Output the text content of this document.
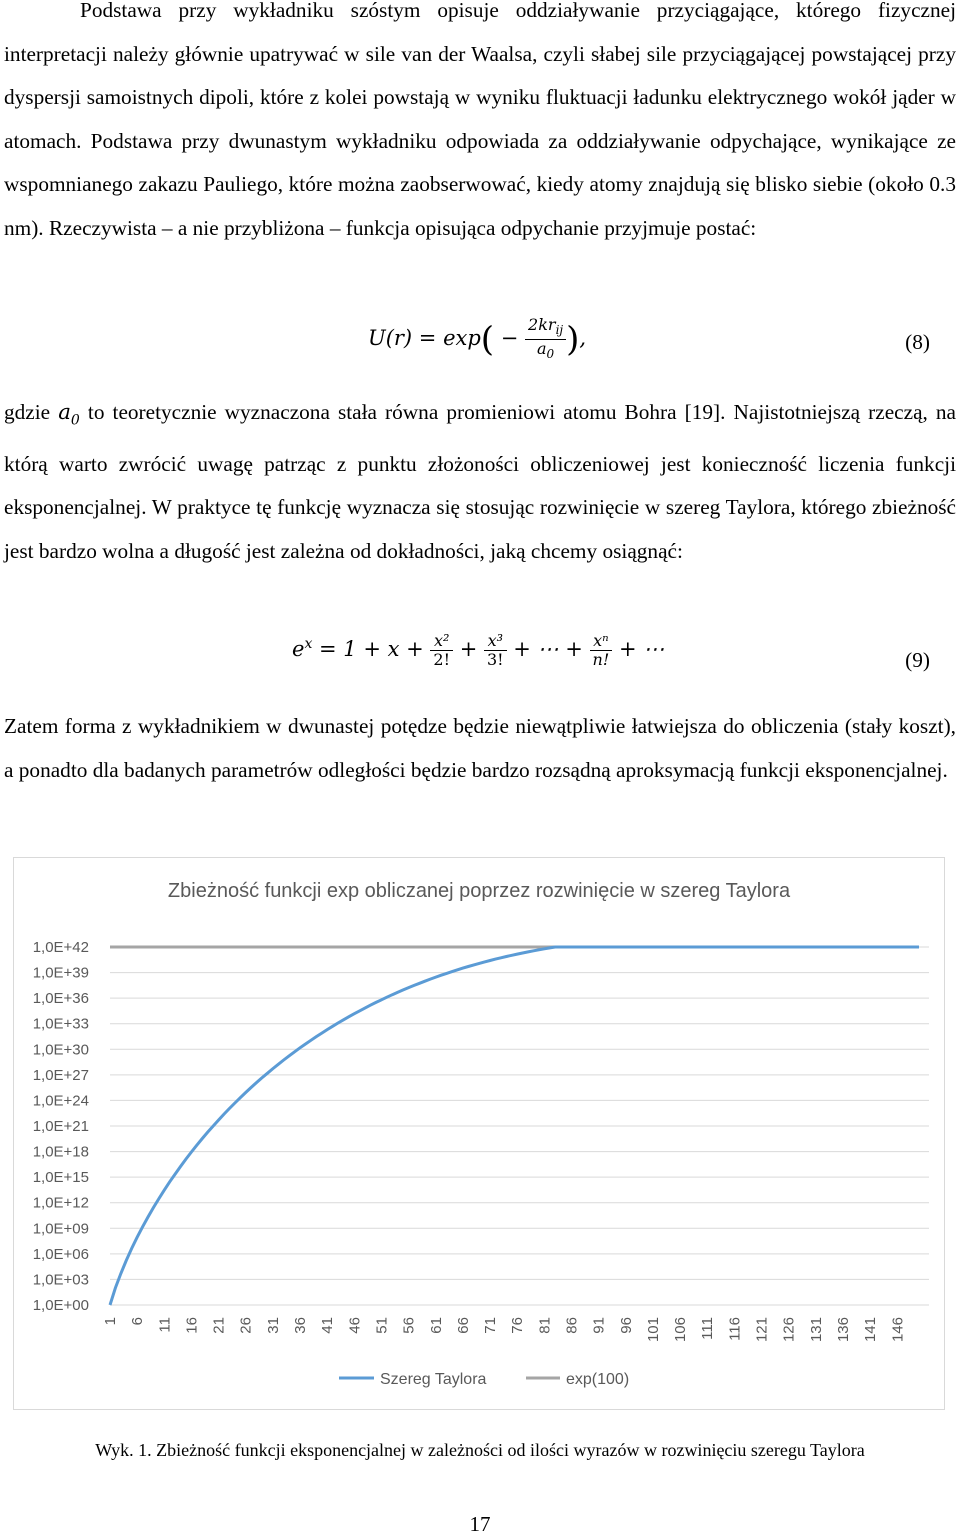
Podstawa przy wykładniku szóstym opisuje oddziaływanie przyciągające, którego fizycznej interpretacji należy głównie upatrywać w sile van der Waalsa, czyli słabej sile przyciągającej powstającej przy dyspersji samoistnych dipoli, które z kolei powstają w wyniku fluktuacji ładunku elektrycznego wokół jąder w atomach. Podstawa przy dwunastym wykładniku odpowiada za oddziaływanie odpychające, wynikające ze wspomnianego zakazu Pauliego, które można zaobserwować, kiedy atomy znajdują się blisko siebie (około 0.3 nm). Rzeczywista – a nie przybliżona – funkcja opisująca odpychanie przyjmuje postać:
$U(r) = \exp( - \frac{2kr_{ij}}{a_0}$ ),	(8)
gdzie $a_0$ to teoretycznie wyznaczona stała równa promieniowi atomu Bohra [19]. Najistotniejszą rzeczą, na którą warto zwrócić uwagę patrząc z punktu złożoności obliczeniowej jest konieczność liczenia funkcji eksponencjalnej. W praktyce tę funkcję wyznacza się stosując rozwinięcie w szereg Taylora, którego zbieżność jest bardzo wolna a długość jest zależna od dokładności, jaką chcemy osiągnąć:
$e^x = 1 + x + \frac{\text{x²}}{2!} + \frac{\text{x³}}{3!}$ + ⋯ + $\frac{\text{xⁿ}}{n!}$ + ⋯	(9)
Zatem forma z wykładnikiem w dwunastej potędze będzie niewątpliwie łatwiejsza do obliczenia (stały koszt), a ponadto dla badanych parametrów odległości będzie bardzo rozsądną aproksymacją funkcji eksponencjalnej.
Zbieżność funkcji exp obliczanej poprzez rozwinięcie w szereg Taylora
1,0E+00
1,0E+03
1,0E+06
1,0E+09
1,0E+12
1,0E+15
1,0E+18
1,0E+21
1,0E+24
1,0E+27
1,0E+30
1,0E+33
1,0E+36
1,0E+39
1,0E+42
1 6 11 16 21 26 31 36 41 46 51 56 61 66 71 76 81 86 91 96 101 106 111 116 121 126 131 136 141 146
Szereg Taylora	exp(100)
Wyk. 1. Zbieżność funkcji eksponencjalnej w zależności od ilości wyrazów w rozwinięciu szeregu Taylora
17
